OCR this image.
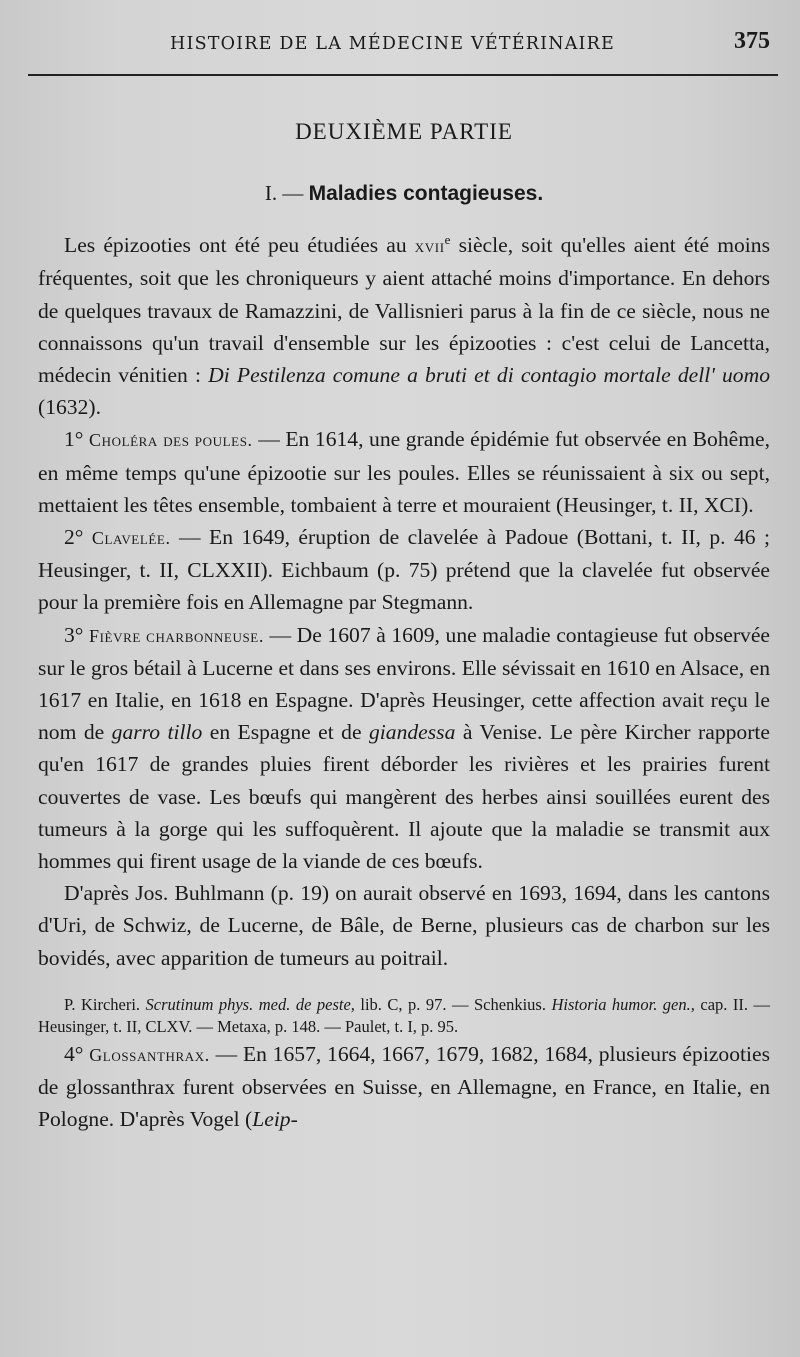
HISTOIRE DE LA MÉDECINE VÉTÉRINAIRE	375
DEUXIÈME PARTIE
I. — Maladies contagieuses.

Les épizooties ont été peu étudiées au xvii$^e$ siècle, soit qu'elles aient été moins fréquentes, soit que les chroniqueurs y aient attaché moins d'importance. En dehors de quelques travaux de Ramazzini, de Vallisnieri parus à la fin de ce siècle, nous ne connaissons qu'un travail d'ensemble sur les épizooties : c'est celui de Lancetta, médecin vénitien : Di Pestilenza comune a bruti et di contagio mortale dell' uomo (1632).

1° Choléra des poules. — En 1614, une grande épidémie fut observée en Bohême, en même temps qu'une épizootie sur les poules. Elles se réunissaient à six ou sept, mettaient les têtes ensemble, tombaient à terre et mouraient (Heusinger, t. II, XCI).

2° Clavelée. — En 1649, éruption de clavelée à Padoue (Bottani, t. II, p. 46 ; Heusinger, t. II, CLXXII). Eichbaum (p. 75) prétend que la clavelée fut observée pour la première fois en Allemagne par Stegmann.

3° Fièvre charbonneuse. — De 1607 à 1609, une maladie contagieuse fut observée sur le gros bétail à Lucerne et dans ses environs. Elle sévissait en 1610 en Alsace, en 1617 en Italie, en 1618 en Espagne. D'après Heusinger, cette affection avait reçu le nom de garro tillo en Espagne et de giandessa à Venise. Le père Kircher rapporte qu'en 1617 de grandes pluies firent déborder les rivières et les prairies furent couvertes de vase. Les bœufs qui mangèrent des herbes ainsi souillées eurent des tumeurs à la gorge qui les suffoquèrent. Il ajoute que la maladie se transmit aux hommes qui firent usage de la viande de ces bœufs.

D'après Jos. Buhlmann (p. 19) on aurait observé en 1693, 1694, dans les cantons d'Uri, de Schwiz, de Lucerne, de Bâle, de Berne, plusieurs cas de charbon sur les bovidés, avec apparition de tumeurs au poitrail.

P. Kircheri. Scrutinum phys. med. de peste, lib. C, p. 97. — Schenkius. Historia humor. gen., cap. II. — Heusinger, t. II, CLXV. — Metaxa, p. 148. — Paulet, t. I, p. 95.

4° Glossanthrax. — En 1657, 1664, 1667, 1679, 1682, 1684, plusieurs épizooties de glossanthrax furent observées en Suisse, en Allemagne, en France, en Italie, en Pologne. D'après Vogel (Leip-
